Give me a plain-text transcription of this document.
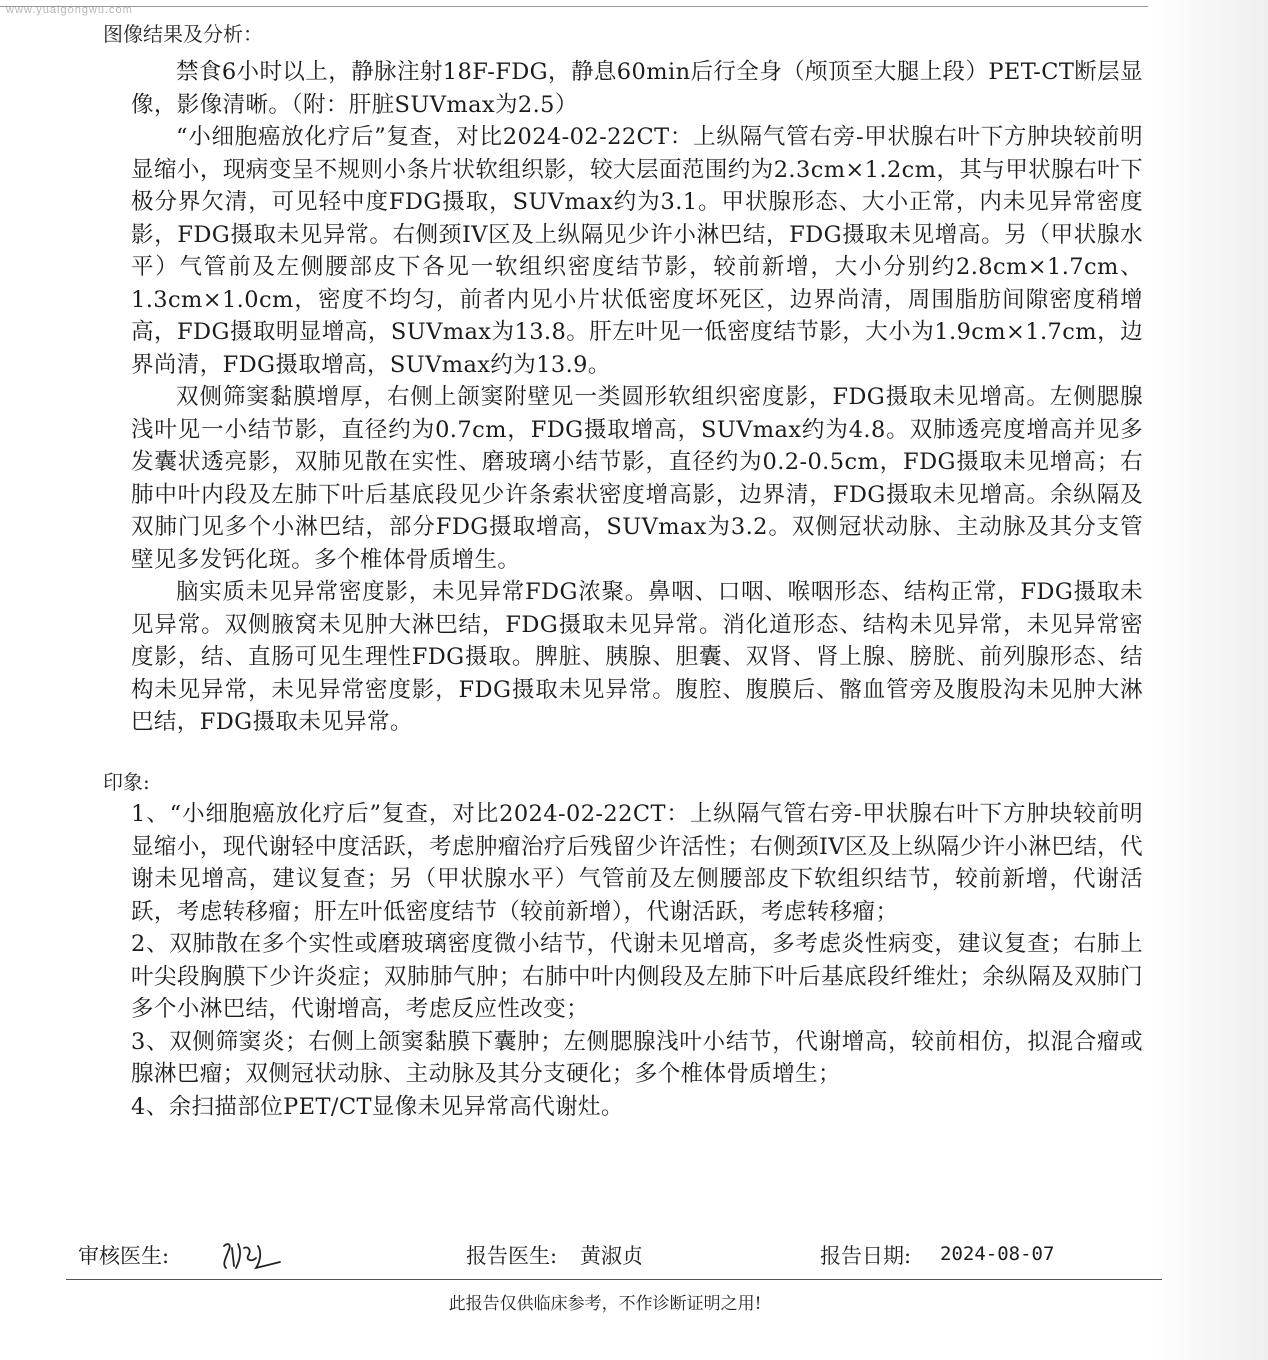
www.yuaigongwu.com
图像结果及分析：

禁食6小时以上，静脉注射18F-FDG，静息60min后行全身（颅顶至大腿上段）PET-CT断层显像，影像清晰。（附：肝脏SUVmax为2.5）

“小细胞癌放化疗后”复查，对比2024-02-22CT：上纵隔气管右旁-甲状腺右叶下方肿块较前明显缩小，现病变呈不规则小条片状软组织影，较大层面范围约为2.3cm×1.2cm，其与甲状腺右叶下极分界欠清，可见轻中度FDG摄取，SUVmax约为3.1。甲状腺形态、大小正常，内未见异常密度影，FDG摄取未见异常。右侧颈IV区及上纵隔见少许小淋巴结，FDG摄取未见增高。另（甲状腺水平）气管前及左侧腰部皮下各见一软组织密度结节影，较前新增，大小分别约2.8cm×1.7cm、1.3cm×1.0cm，密度不均匀，前者内见小片状低密度坏死区，边界尚清，周围脂肪间隙密度稍增高，FDG摄取明显增高，SUVmax为13.8。肝左叶见一低密度结节影，大小为1.9cm×1.7cm，边界尚清，FDG摄取增高，SUVmax约为13.9。

双侧筛窦黏膜增厚，右侧上颌窦附壁见一类圆形软组织密度影，FDG摄取未见增高。左侧腮腺浅叶见一小结节影，直径约为0.7cm，FDG摄取增高，SUVmax约为4.8。双肺透亮度增高并见多发囊状透亮影，双肺见散在实性、磨玻璃小结节影，直径约为0.2-0.5cm，FDG摄取未见增高；右肺中叶内段及左肺下叶后基底段见少许条索状密度增高影，边界清，FDG摄取未见增高。余纵隔及双肺门见多个小淋巴结，部分FDG摄取增高，SUVmax为3.2。双侧冠状动脉、主动脉及其分支管壁见多发钙化斑。多个椎体骨质增生。

脑实质未见异常密度影，未见异常FDG浓聚。鼻咽、口咽、喉咽形态、结构正常，FDG摄取未见异常。双侧腋窝未见肿大淋巴结，FDG摄取未见异常。消化道形态、结构未见异常，未见异常密度影，结、直肠可见生理性FDG摄取。脾脏、胰腺、胆囊、双肾、肾上腺、膀胱、前列腺形态、结构未见异常，未见异常密度影，FDG摄取未见异常。腹腔、腹膜后、髂血管旁及腹股沟未见肿大淋巴结，FDG摄取未见异常。

印象:

1、“小细胞癌放化疗后”复查，对比2024-02-22CT：上纵隔气管右旁-甲状腺右叶下方肿块较前明显缩小，现代谢轻中度活跃，考虑肿瘤治疗后残留少许活性；右侧颈IV区及上纵隔少许小淋巴结，代谢未见增高，建议复查；另（甲状腺水平）气管前及左侧腰部皮下软组织结节，较前新增，代谢活跃，考虑转移瘤；肝左叶低密度结节（较前新增），代谢活跃，考虑转移瘤；

2、双肺散在多个实性或磨玻璃密度微小结节，代谢未见增高，多考虑炎性病变，建议复查；右肺上叶尖段胸膜下少许炎症；双肺肺气肿；右肺中叶内侧段及左肺下叶后基底段纤维灶；余纵隔及双肺门多个小淋巴结，代谢增高，考虑反应性改变；

3、双侧筛窦炎；右侧上颌窦黏膜下囊肿；左侧腮腺浅叶小结节，代谢增高，较前相仿，拟混合瘤或腺淋巴瘤；双侧冠状动脉、主动脉及其分支硬化；多个椎体骨质增生；

4、余扫描部位PET/CT显像未见异常高代谢灶。

审核医生:	报告医生: 黄淑贞	报告日期: 2024-08-07
此报告仅供临床参考，不作诊断证明之用!
